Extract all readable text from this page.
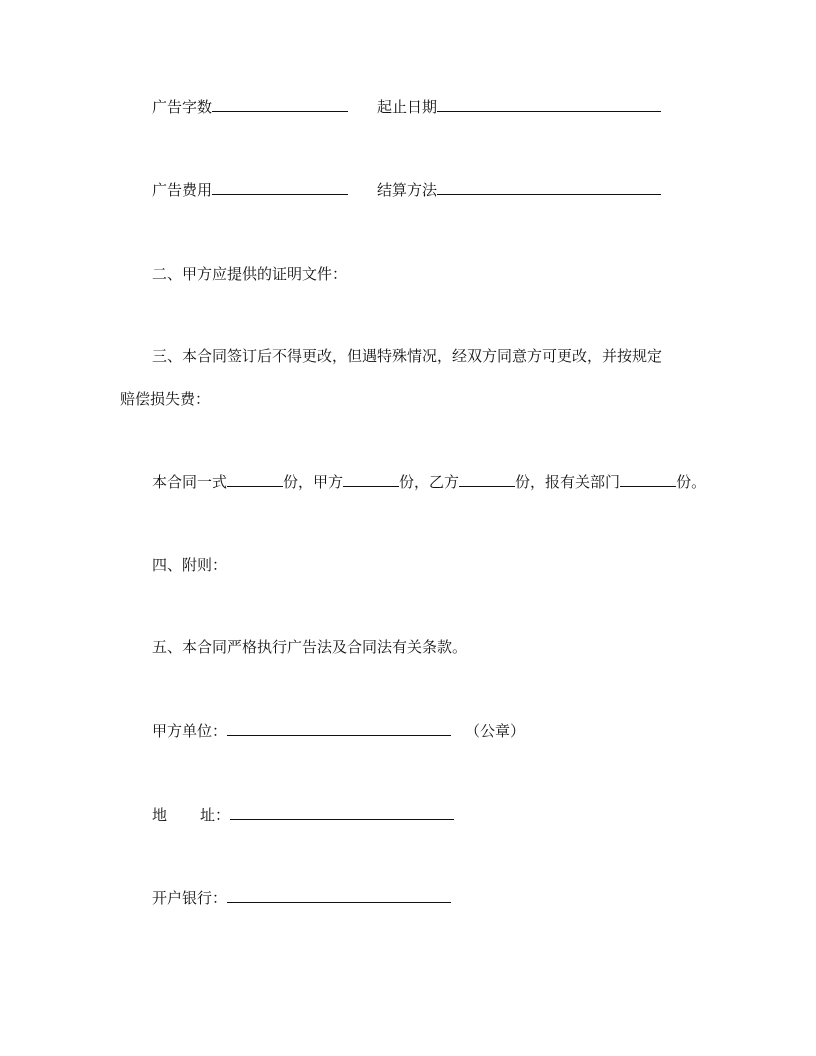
广告字数	起止日期
广告费用	结算方法
二、甲方应提供的证明文件：
三、本合同签订后不得更改，但遇特殊情况，经双方同意方可更改，并按规定
赔偿损失费：
本合同一式	份，甲方	份，乙方	份，报有关部门	份。
四、附则：
五、本合同严格执行广告法及合同法有关条款。
甲方单位：	（公章）
地 址：
开户银行：
